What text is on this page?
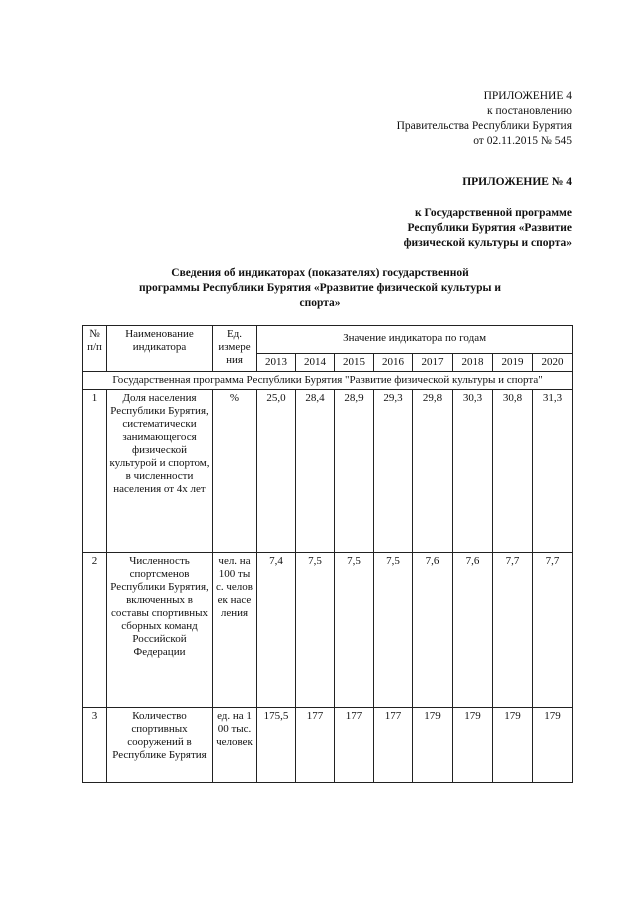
ПРИЛОЖЕНИЕ 4
к постановлению
Правительства Республики Бурятия
от 02.11.2015 № 545
ПРИЛОЖЕНИЕ № 4
к Государственной программе
Республики Бурятия «Развитие
физической культуры и спорта»
Сведения об индикаторах (показателях) государственной
программы Республики Бурятия «Рразвитие физической культуры и
спорта»
№ п/п	Наименование индикатора	Ед. измере ния	Значение индикатора по годам							
			2013	2014	2015	2016	2017	2018	2019	2020
Государственная программа Республики Бурятия "Развитие физической культуры и спорта"										
1	Доля населения Республики Бурятия, систематически занимающегося физической культурой и спортом, в численности населения от 4х лет	%	25,0	28,4	28,9	29,3	29,8	30,3	30,8	31,3
2	Численность спортсменов Республики Бурятия, включенных в составы спортивных сборных команд Российской Федерации	чел. на 100 тыс. человек населения	7,4	7,5	7,5	7,5	7,6	7,6	7,7	7,7
3	Количество спортивных сооружений в Республике Бурятия	ед. на 100 тыс. человек	175,5	177	177	177	179	179	179	179
